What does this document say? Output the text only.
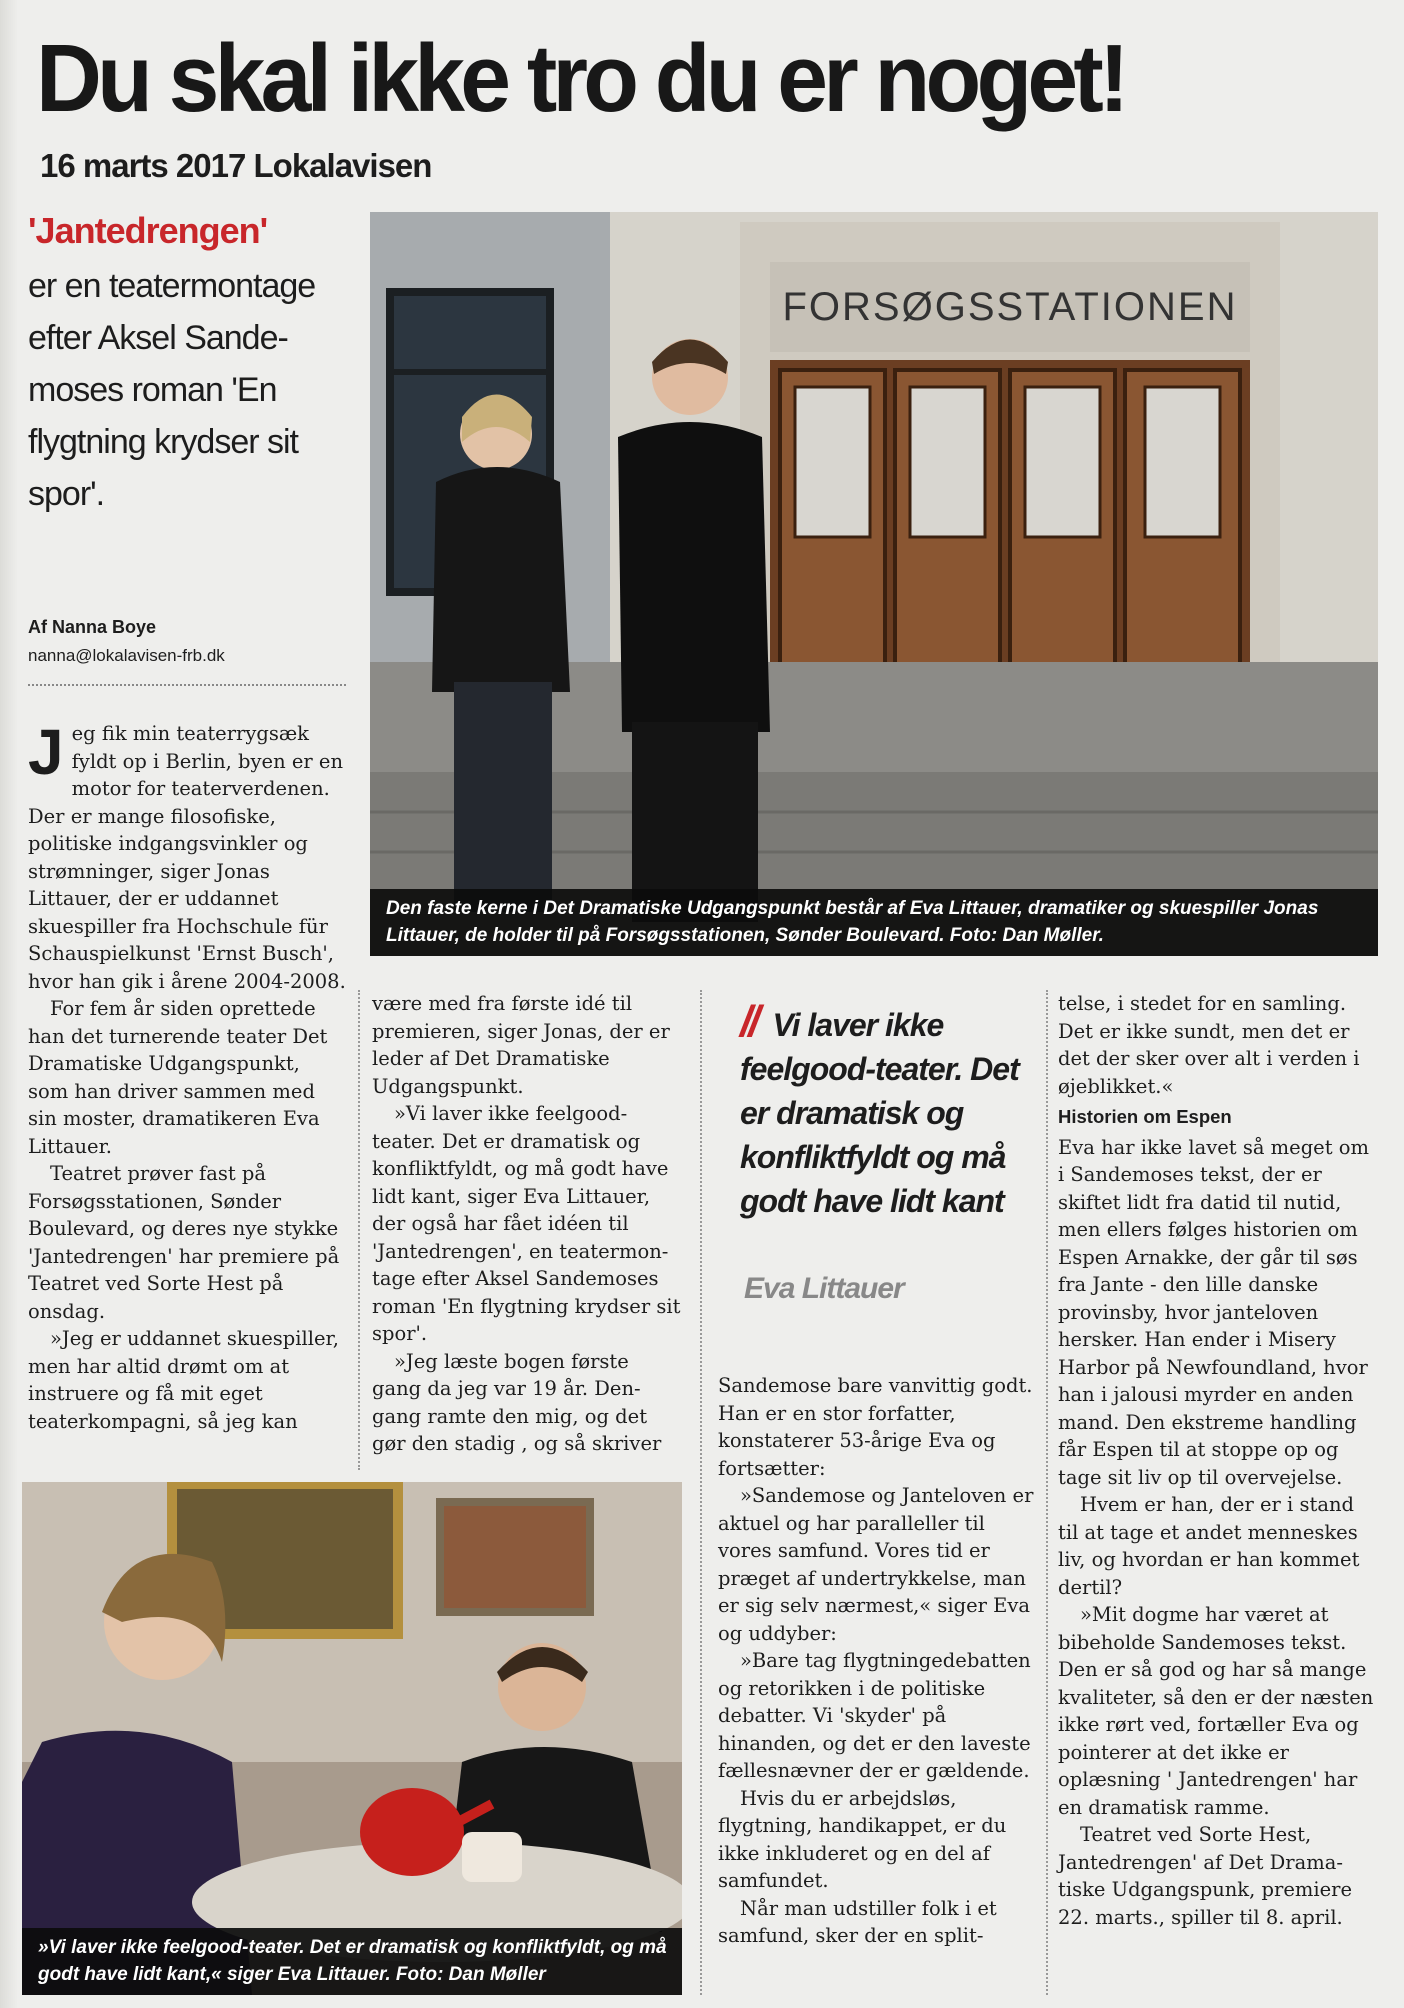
Du skal ikke tro du er noget!
16 marts 2017 Lokalavisen
'Jantedrengen'
er en teatermontage efter Aksel Sandemoses roman 'En flygtning krydser sit spor'.
Af Nanna Boye
nanna@lokalavisen-frb.dk
FORSØGSSTATIONEN
Den faste kerne i Det Dramatiske Udgangspunkt består af Eva Littauer, dramatiker og skuespiller Jonas Littauer, de holder til på Forsøgsstationen, Sønder Boulevard. Foto: Dan Møller.

Jeg fik min teaterrygsæk fyldt op i Berlin, byen er en motor for teaterverdenen. Der er mange filosofiske, politiske indgangsvinkler og strømninger, siger Jonas Littauer, der er uddannet skuespiller fra Hochschule für Schauspielkunst 'Ernst Busch', hvor han gik i årene 2004-2008.

For fem år siden oprettede han det turnerende teater Det Dramatiske Udgangspunkt, som han driver sammen med sin moster, dramatikeren Eva Littauer.

Teatret prøver fast på Forsøgsstationen, Sønder Boulevard, og deres nye stykke 'Jantedrengen' har premiere på Teatret ved Sorte Hest på onsdag.

»Jeg er uddannet skuespiller, men har altid drømt om at instruere og få mit eget teaterkompagni, så jeg kan

være med fra første idé til premieren, siger Jonas, der er leder af Det Dramatiske Udgangspunkt.

»Vi laver ikke feelgood-teater. Det er dramatisk og konfliktfyldt, og må godt have lidt kant, siger Eva Littauer, der også har fået idéen til 'Jantedrengen', en teatermontage efter Aksel Sandemoses roman 'En flygtning krydser sit spor'.

»Jeg læste bogen første gang da jeg var 19 år. Dengang ramte den mig, og det gør den stadig , og så skriver

// Vi laver ikke feelgood-teater. Det er dramatisk og konfliktfyldt og må godt have lidt kant
Eva Littauer

Sandemose bare vanvittig godt. Han er en stor forfatter, konstaterer 53-årige Eva og fortsætter:

»Sandemose og Janteloven er aktuel og har paralleller til vores samfund. Vores tid er præget af undertrykkelse, man er sig selv nærmest,« siger Eva og uddyber:

»Bare tag flygtningedebatten og retorikken i de politiske debatter. Vi 'skyder' på hinanden, og det er den laveste fællesnævner der er gældende.

Hvis du er arbejdsløs, flygtning, handikappet, er du ikke inkluderet og en del af samfundet.

Når man udstiller folk i et samfund, sker der en split-

telse, i stedet for en samling. Det er ikke sundt, men det er det der sker over alt i verden i øjeblikket.«

Historien om Espen

Eva har ikke lavet så meget om i Sandemoses tekst, der er skiftet lidt fra datid til nutid, men ellers følges historien om Espen Arnakke, der går til søs fra Jante - den lille danske provinsby, hvor janteloven hersker. Han ender i Misery Harbor på Newfoundland, hvor han i jalousi myrder en anden mand. Den ekstreme handling får Espen til at stoppe op og tage sit liv op til overvejelse.

Hvem er han, der er i stand til at tage et andet menneskes liv, og hvordan er han kommet dertil?

»Mit dogme har været at bibeholde Sandemoses tekst. Den er så god og har så mange kvaliteter, så den er der næsten ikke rørt ved, fortæller Eva og pointerer at det ikke er oplæsning ' Jantedrengen' har en dramatisk ramme.

Teatret ved Sorte Hest, Jantedrengen' af Det Dramatiske Udgangspunk, premiere 22. marts., spiller til 8. april.

»Vi laver ikke feelgood-teater. Det er dramatisk og konfliktfyldt, og må godt have lidt kant,« siger Eva Littauer. Foto: Dan Møller
